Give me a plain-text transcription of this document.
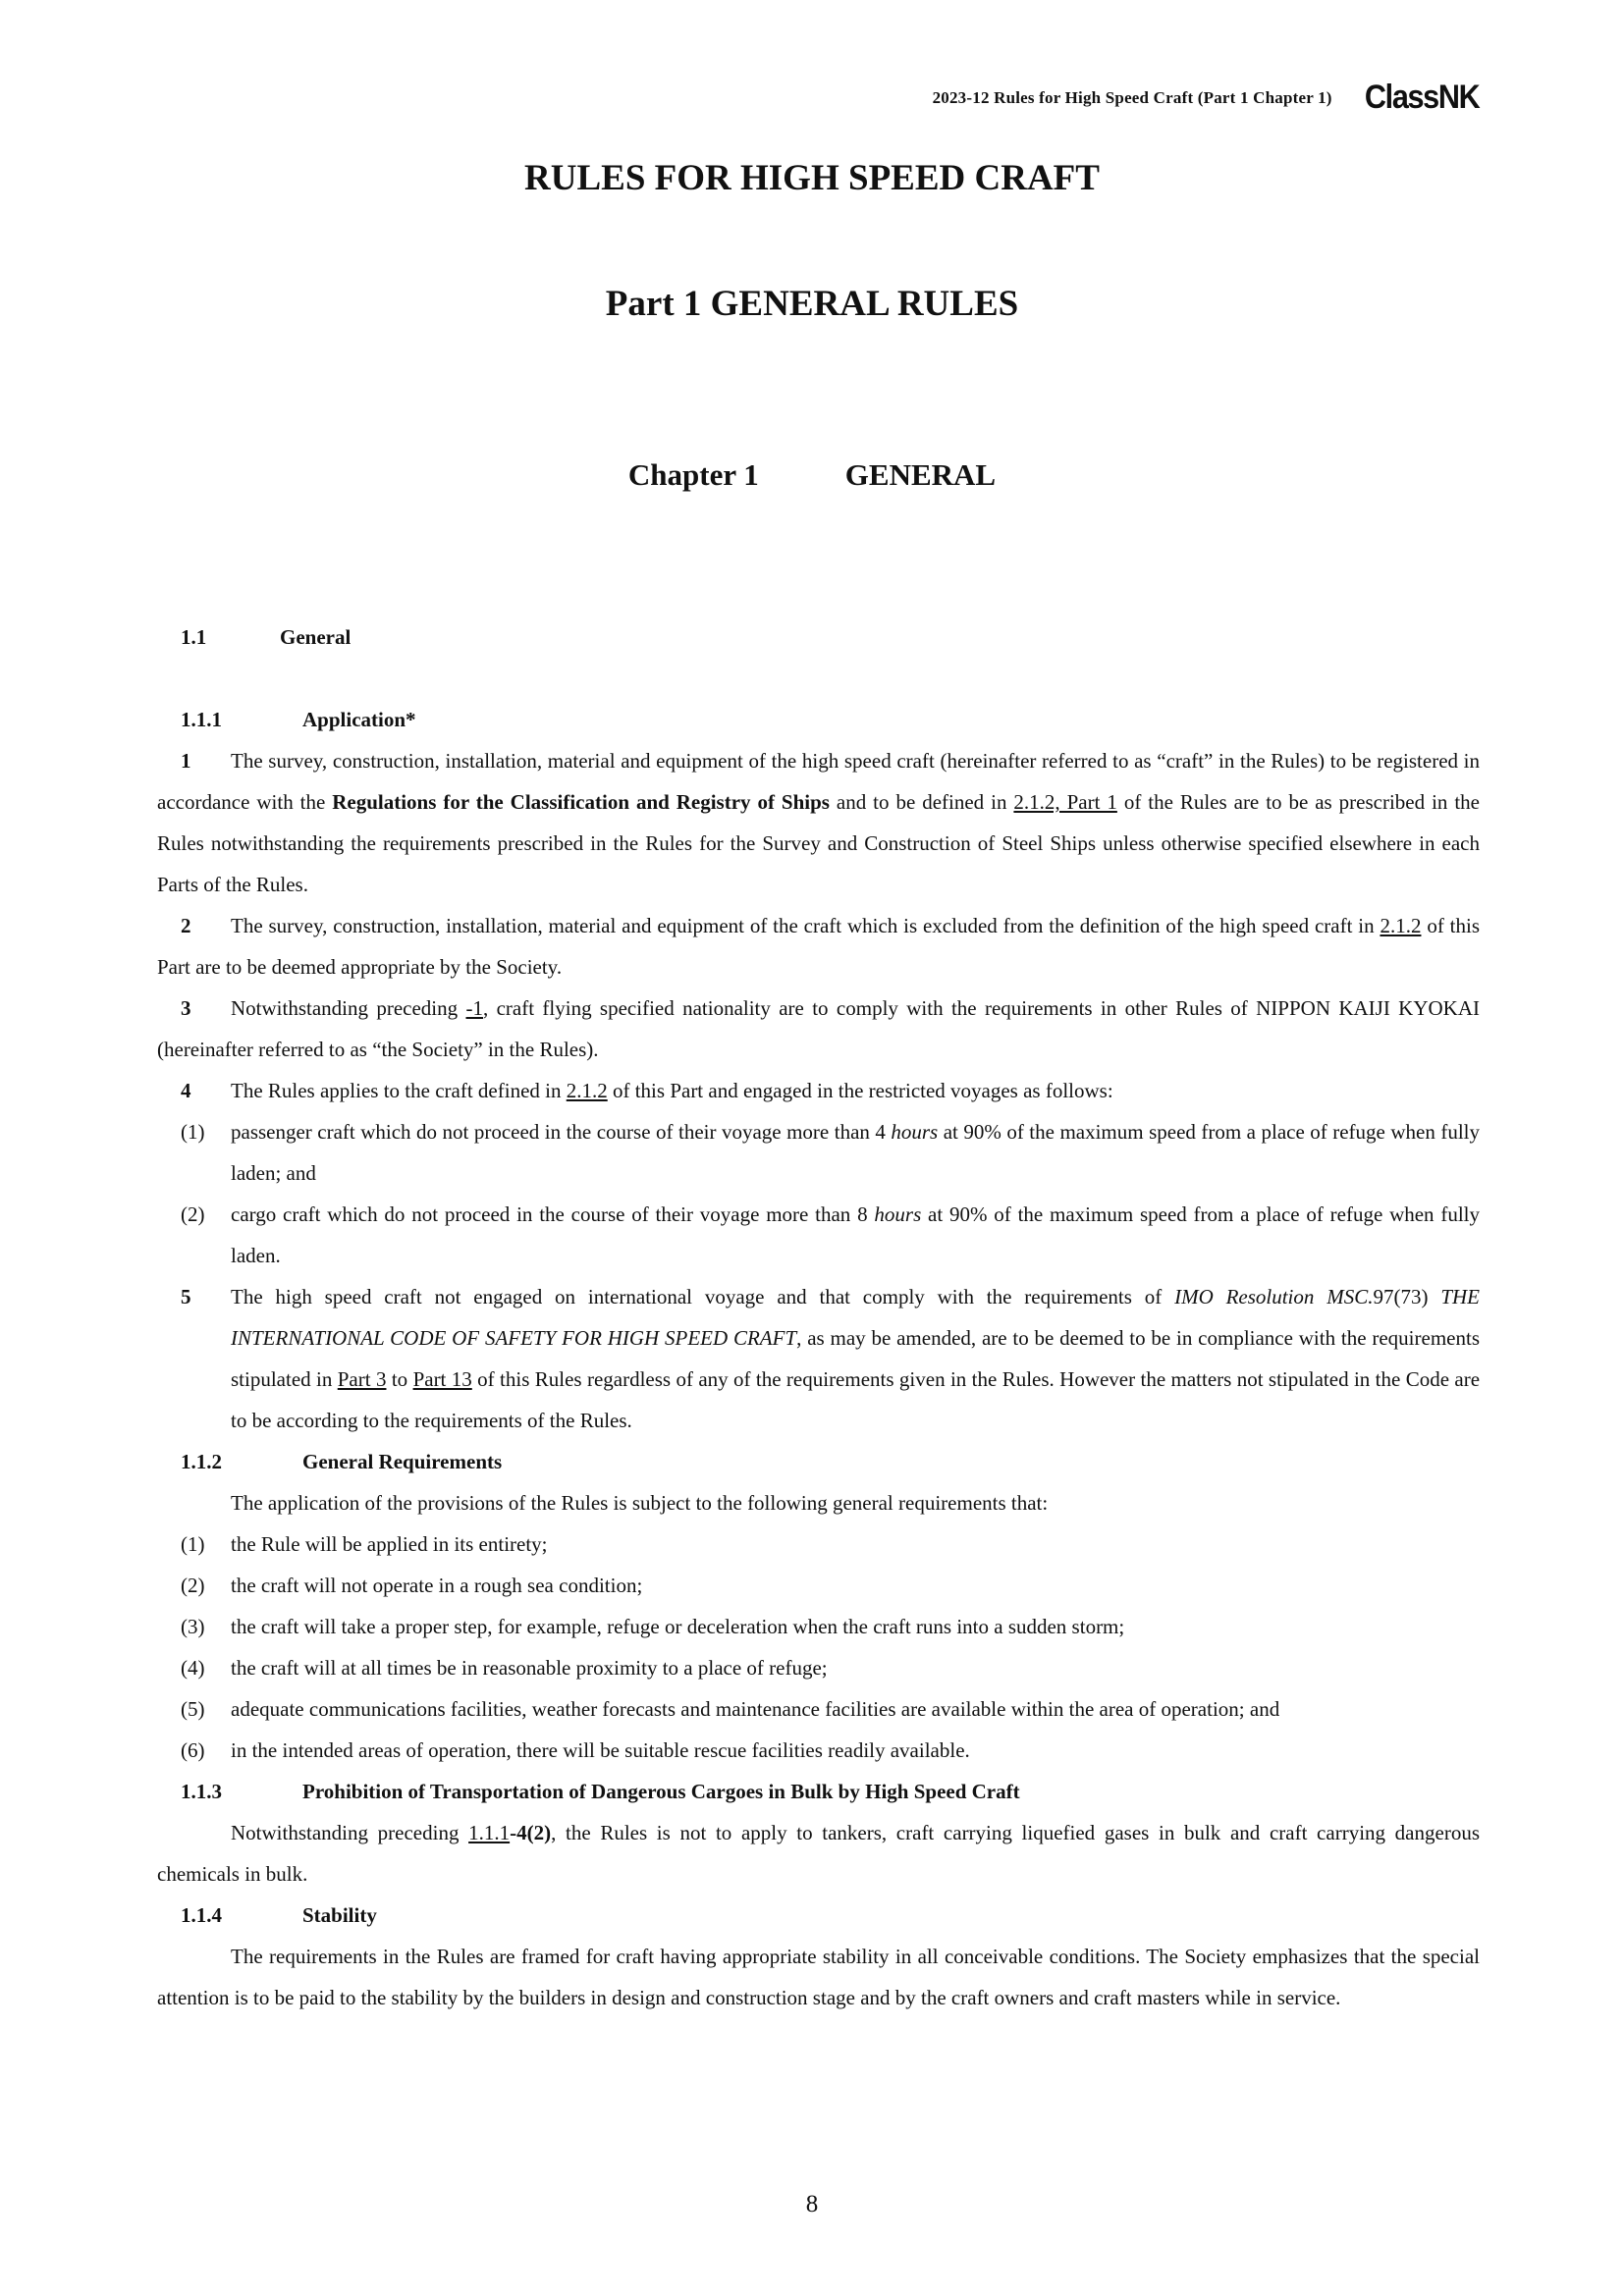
2023-12 Rules for High Speed Craft (Part 1 Chapter 1) ClassNK
RULES FOR HIGH SPEED CRAFT
Part 1 GENERAL RULES
Chapter 1	GENERAL
1.1	General
1.1.1	Application*
1 The survey, construction, installation, material and equipment of the high speed craft (hereinafter referred to as “craft” in the Rules) to be registered in accordance with the Regulations for the Classification and Registry of Ships and to be defined in 2.1.2, Part 1 of the Rules are to be as prescribed in the Rules notwithstanding the requirements prescribed in the Rules for the Survey and Construction of Steel Ships unless otherwise specified elsewhere in each Parts of the Rules.
2 The survey, construction, installation, material and equipment of the craft which is excluded from the definition of the high speed craft in 2.1.2 of this Part are to be deemed appropriate by the Society.
3 Notwithstanding preceding -1, craft flying specified nationality are to comply with the requirements in other Rules of NIPPON KAIJI KYOKAI (hereinafter referred to as “the Society” in the Rules).
4 The Rules applies to the craft defined in 2.1.2 of this Part and engaged in the restricted voyages as follows:
(1)	passenger craft which do not proceed in the course of their voyage more than 4 hours at 90% of the maximum speed from a place of refuge when fully laden; and
(2)	cargo craft which do not proceed in the course of their voyage more than 8 hours at 90% of the maximum speed from a place of refuge when fully laden.
5 The high speed craft not engaged on international voyage and that comply with the requirements of IMO Resolution MSC.97(73) THE INTERNATIONAL CODE OF SAFETY FOR HIGH SPEED CRAFT, as may be amended, are to be deemed to be in compliance with the requirements stipulated in Part 3 to Part 13 of this Rules regardless of any of the requirements given in the Rules. However the matters not stipulated in the Code are to be according to the requirements of the Rules.
1.1.2	General Requirements
The application of the provisions of the Rules is subject to the following general requirements that:
(1)	the Rule will be applied in its entirety;
(2)	the craft will not operate in a rough sea condition;
(3)	the craft will take a proper step, for example, refuge or deceleration when the craft runs into a sudden storm;
(4)	the craft will at all times be in reasonable proximity to a place of refuge;
(5)	adequate communications facilities, weather forecasts and maintenance facilities are available within the area of operation; and
(6)	in the intended areas of operation, there will be suitable rescue facilities readily available.
1.1.3	Prohibition of Transportation of Dangerous Cargoes in Bulk by High Speed Craft
Notwithstanding preceding 1.1.1-4(2), the Rules is not to apply to tankers, craft carrying liquefied gases in bulk and craft carrying dangerous chemicals in bulk.
1.1.4	Stability
The requirements in the Rules are framed for craft having appropriate stability in all conceivable conditions. The Society emphasizes that the special attention is to be paid to the stability by the builders in design and construction stage and by the craft owners and craft masters while in service.
8
